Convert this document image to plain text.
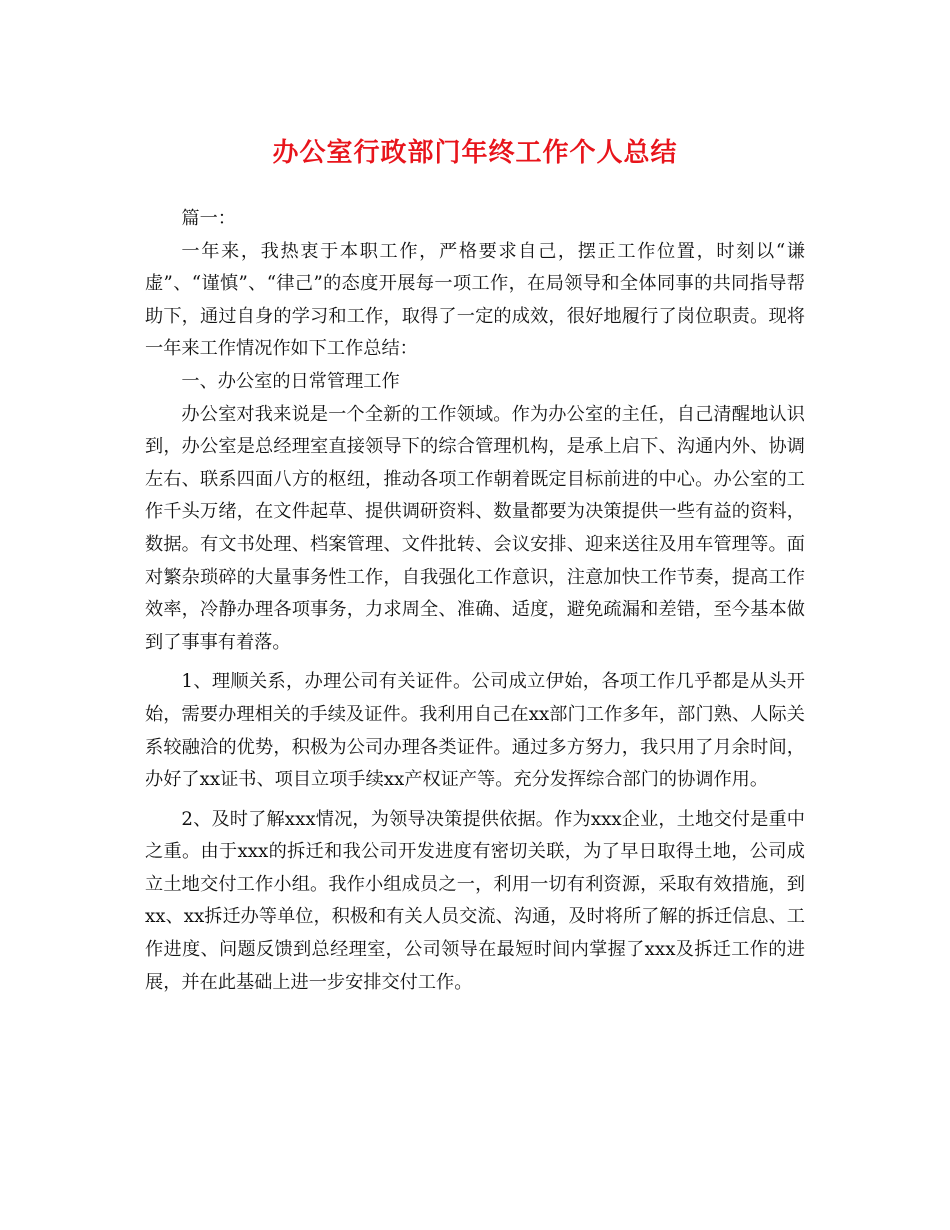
办公室行政部门年终工作个人总结

篇一：

一年来，我热衷于本职工作，严格要求自己，摆正工作位置，时刻以“谦虚”、“谨慎”、“律己”的态度开展每一项工作，在局领导和全体同事的共同指导帮助下，通过自身的学习和工作，取得了一定的成效，很好地履行了岗位职责。现将一年来工作情况作如下工作总结：

一、办公室的日常管理工作

办公室对我来说是一个全新的工作领域。作为办公室的主任，自己清醒地认识到，办公室是总经理室直接领导下的综合管理机构，是承上启下、沟通内外、协调左右、联系四面八方的枢纽，推动各项工作朝着既定目标前进的中心。办公室的工作千头万绪，在文件起草、提供调研资料、数量都要为决策提供一些有益的资料，数据。有文书处理、档案管理、文件批转、会议安排、迎来送往及用车管理等。面对繁杂琐碎的大量事务性工作，自我强化工作意识，注意加快工作节奏，提高工作效率，冷静办理各项事务，力求周全、准确、适度，避免疏漏和差错，至今基本做到了事事有着落。

1、理顺关系，办理公司有关证件。公司成立伊始，各项工作几乎都是从头开始，需要办理相关的手续及证件。我利用自己在xx部门工作多年，部门熟、人际关系较融洽的优势，积极为公司办理各类证件。通过多方努力，我只用了月余时间，办好了xx证书、项目立项手续xx产权证产等。充分发挥综合部门的协调作用。

2、及时了解xxx情况，为领导决策提供依据。作为xxx企业，土地交付是重中之重。由于xxx的拆迁和我公司开发进度有密切关联，为了早日取得土地，公司成立土地交付工作小组。我作小组成员之一，利用一切有利资源，采取有效措施，到xx、xx拆迁办等单位，积极和有关人员交流、沟通，及时将所了解的拆迁信息、工作进度、问题反馈到总经理室，公司领导在最短时间内掌握了xxx及拆迁工作的进展，并在此基础上进一步安排交付工作。
